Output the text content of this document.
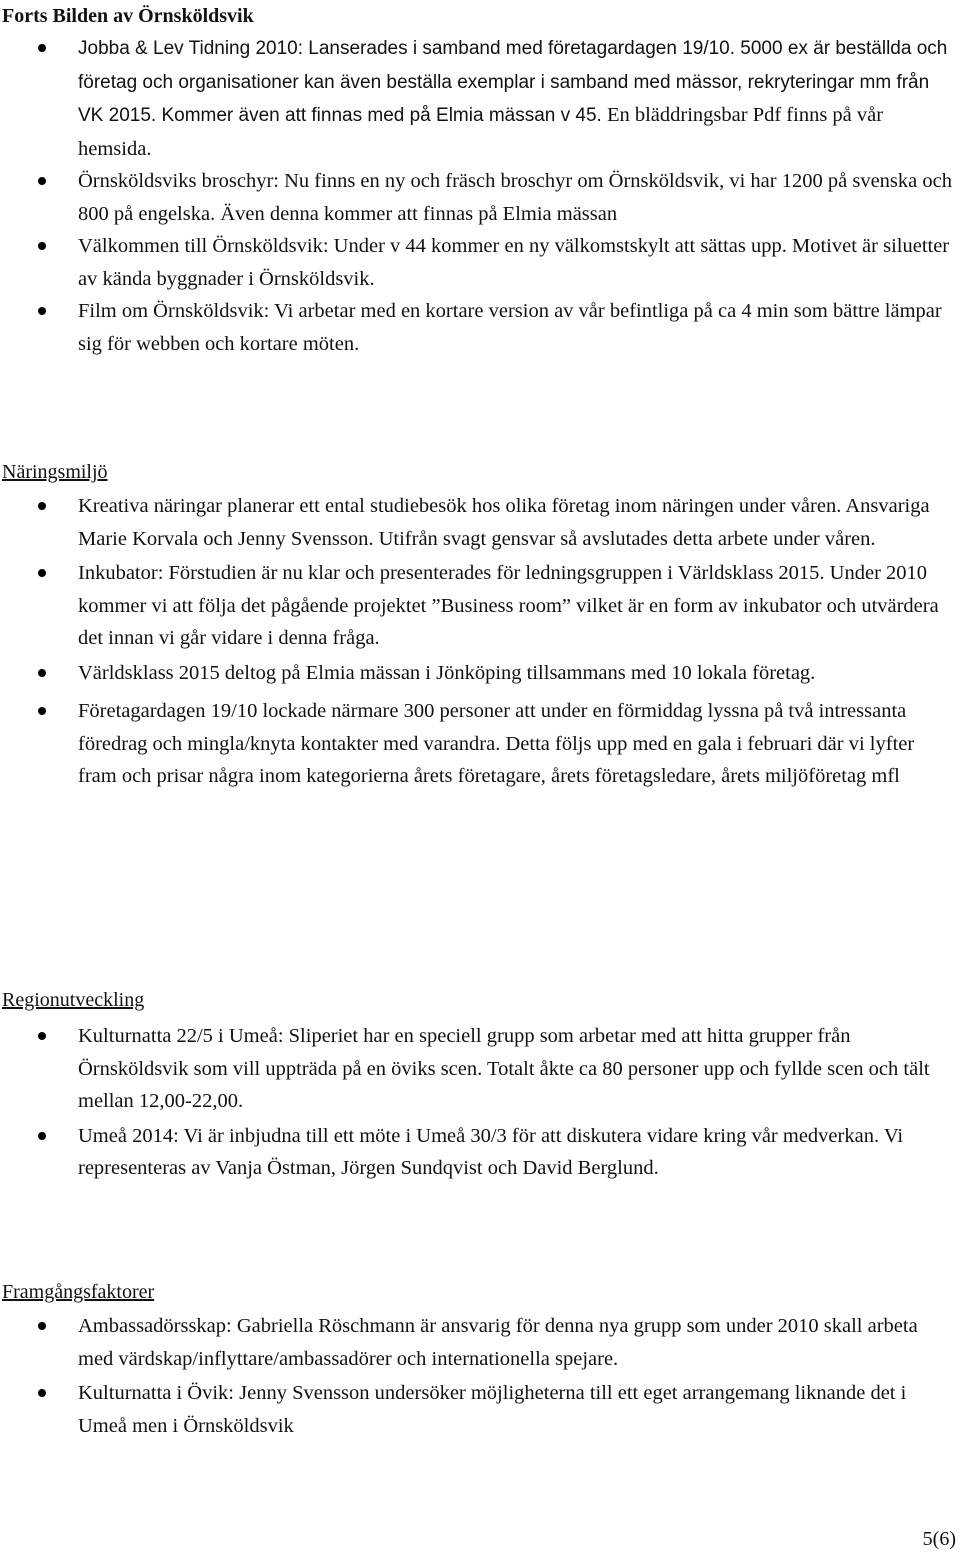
Forts Bilden av Örnsköldsvik
Jobba & Lev Tidning 2010: Lanserades i samband med företagardagen 19/10. 5000 ex är beställda och företag och organisationer kan även beställa exemplar i samband med mässor, rekryteringar mm från VK 2015. Kommer även att finnas med på Elmia mässan v 45. En bläddringsbar Pdf finns på vår hemsida.
Örnsköldsviks broschyr: Nu finns en ny och fräsch broschyr om Örnsköldsvik, vi har 1200 på svenska och 800 på engelska. Även denna kommer att finnas på Elmia mässan
Välkommen till Örnsköldsvik: Under v 44 kommer en ny välkomstskylt att sättas upp. Motivet är siluetter av kända byggnader i Örnsköldsvik.
Film om Örnsköldsvik: Vi arbetar med en kortare version av vår befintliga på ca 4 min som bättre lämpar sig för webben och kortare möten.
Näringsmiljö
Kreativa näringar planerar ett ental studiebesök hos olika företag inom näringen under våren. Ansvariga Marie Korvala och Jenny Svensson. Utifrån svagt gensvar så avslutades detta arbete under våren.
Inkubator: Förstudien är nu klar och presenterades för ledningsgruppen i Världsklass 2015. Under 2010 kommer vi att följa det pågående projektet ”Business room” vilket är en form av inkubator och utvärdera det innan vi går vidare i denna fråga.
Världsklass 2015 deltog på Elmia mässan i Jönköping tillsammans med 10 lokala företag.
Företagardagen 19/10 lockade närmare 300 personer att under en förmiddag lyssna på två intressanta föredrag och mingla/knyta kontakter med varandra. Detta följs upp med en gala i februari där vi lyfter fram och prisar några inom kategorierna årets företagare, årets företagsledare, årets miljöföretag mfl
Regionutveckling
Kulturnatta 22/5 i Umeå: Sliperiet har en speciell grupp som arbetar med att hitta grupper från Örnsköldsvik som vill uppträda på en öviks scen. Totalt åkte ca 80 personer upp och fyllde scen och tält mellan 12,00-22,00.
Umeå 2014: Vi är inbjudna till ett möte i Umeå 30/3 för att diskutera vidare kring vår medverkan. Vi representeras av Vanja Östman, Jörgen Sundqvist och David Berglund.
Framgångsfaktorer
Ambassadörsskap: Gabriella Röschmann är ansvarig för denna nya grupp som under 2010 skall arbeta med värdskap/inflyttare/ambassadörer och internationella spejare.
Kulturnatta i Övik: Jenny Svensson undersöker möjligheterna till ett eget arrangemang liknande det i Umeå men i Örnsköldsvik
5(6)
